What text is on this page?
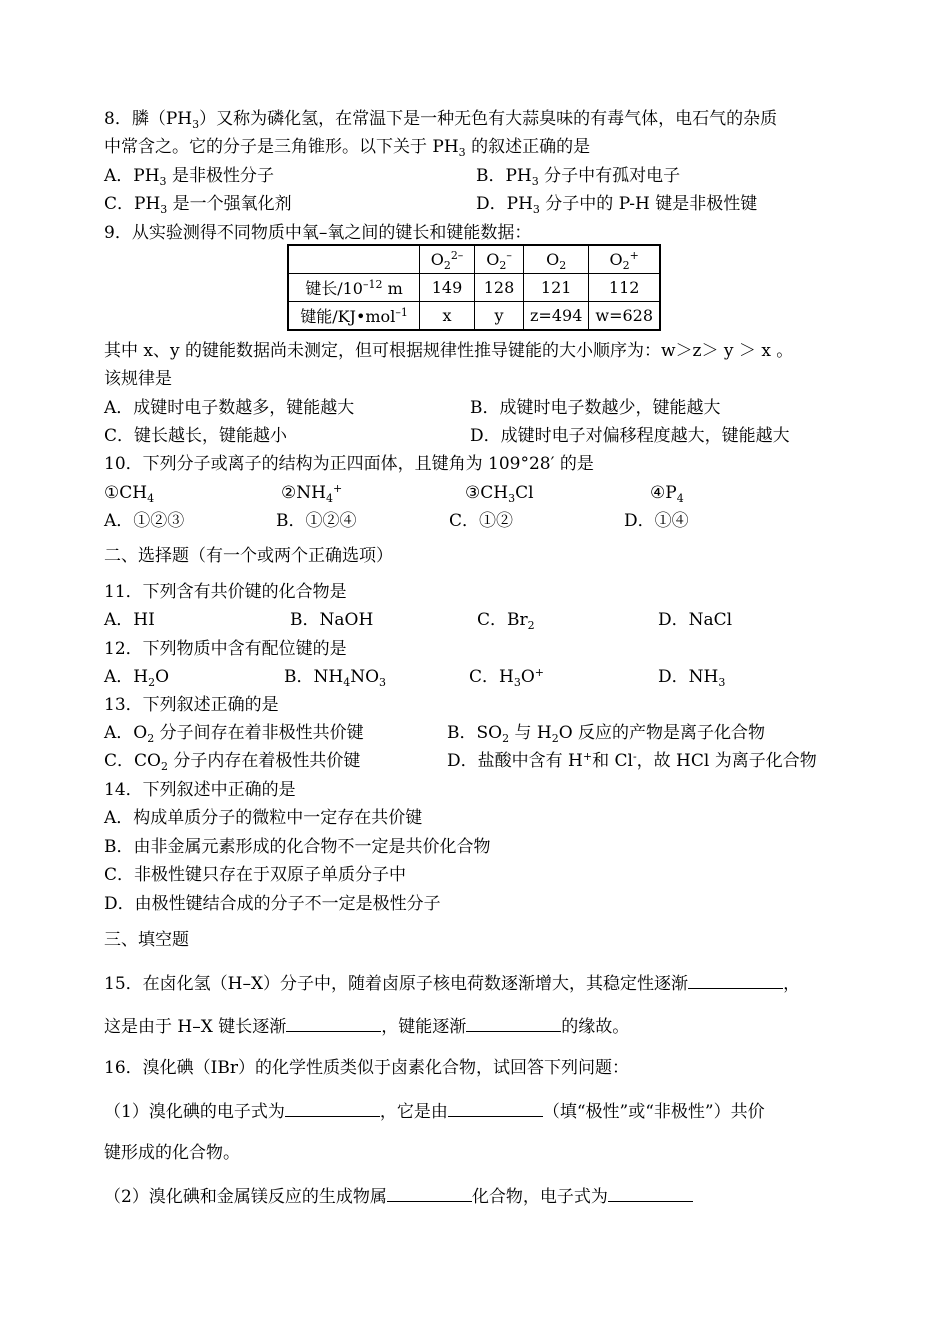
8．膦$(PH_3)$又称为磷化氢，在常温下是一种无色有大蒜臭味的有毒气体，电石气的杂质
中常含之。它的分子是三角锥形。以下关于 $PH_3$ 的叙述正确的是
A．$PH_3$ 是非极性分子	B．$PH_3$ 分子中有孤对电子
C．$PH_3$ 是一个强氧化剂	D．$PH_3$ 分子中的 P-H 键是非极性键
9．从实验测得不同物质中氧–氧之间的键长和键能数据：
	$O_2^{2-}$	$O_2^-$	$O_2$	$O_2^+$
键长$/10^{-12}$ m	149	128	121	112
键能/KJ•mol$^{-1}$	x	y	z=494	w=628
其中 x、y 的键能数据尚未测定，但可根据规律性推导键能的大小顺序为：w＞z＞ y ＞ x 。
该规律是
A．成键时电子数越多，键能越大	B．成键时电子数越少，键能越大
C．键长越长，键能越小	D．成键时电子对偏移程度越大，键能越大
10．下列分子或离子的结构为正四面体，且键角为 109°28′ 的是
$①CH_4$	$②NH_4^+$	$③CH_3Cl$	$④P_4$
A．①②③	B．①②④	C．①②	D．①④
二、选择题（有一个或两个正确选项）
11．下列含有共价键的化合物是
A．HI	B．NaOH	C．$Br_2$	D．NaCl
12．下列物质中含有配位键的是
A．$H_2O$	B．$NH_4NO_3$	C．$H_3O^+$	D．$NH_3$
13．下列叙述正确的是
A．$O_2$ 分子间存在着非极性共价键	B．$SO_2$ 与 $H_2O$ 反应的产物是离子化合物
C．$CO_2$ 分子内存在着极性共价键	D．盐酸中含有 H+和 Cl-，故 HCl 为离子化合物
14．下列叙述中正确的是
A．构成单质分子的微粒中一定存在共价键
B．由非金属元素形成的化合物不一定是共价化合物
C．非极性键只存在于双原子单质分子中
D．由极性键结合成的分子不一定是极性分子
三、填空题
15．在卤化氢（H–X）分子中，随着卤原子核电荷数逐渐增大，其稳定性逐渐	，
这是由于 H–X 键长逐渐	，键能逐渐	的缘故。
16．溴化碘（IBr）的化学性质类似于卤素化合物，试回答下列问题：
（1）溴化碘的电子式为	，它是由	（填“极性”或“非极性”）共价
键形成的化合物。
（2）溴化碘和金属镁反应的生成物属	化合物，电子式为
